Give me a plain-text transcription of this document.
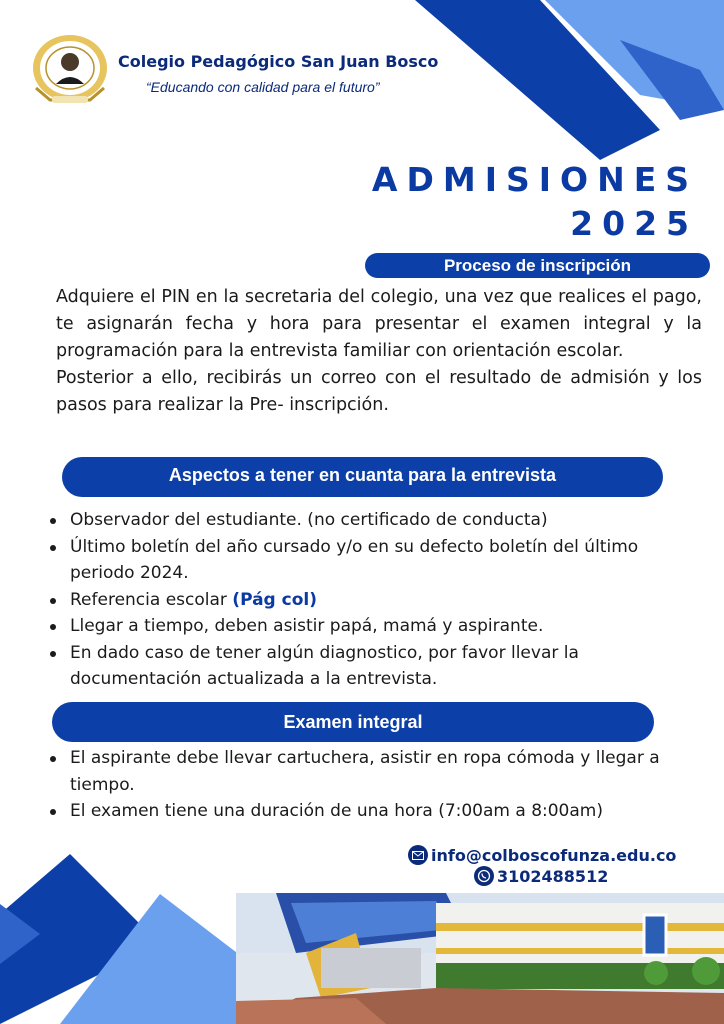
Colegio Pedagógico San Juan Bosco
“Educando con calidad para el futuro”
ADMISIONES
2025
Proceso de inscripción

Adquiere el PIN en la secretaria del colegio, una vez que realices el pago, te asignarán fecha y hora para presentar el examen integral y la programación para la entrevista familiar con orientación escolar.

Posterior a ello, recibirás un correo con el resultado de admisión y los pasos para realizar la Pre- inscripción.

Aspectos a tener en cuanta para la entrevista
Observador del estudiante. (no certificado de conducta)
Último boletín del año cursado y/o en su defecto boletín del último periodo 2024.
Referencia escolar (Pág col)
Llegar a tiempo, deben asistir papá, mamá y aspirante.
En dado caso de tener algún diagnostico, por favor llevar la documentación actualizada a la entrevista.
Examen integral
El aspirante debe llevar cartuchera, asistir en ropa cómoda y llegar a tiempo.
El examen tiene una duración de una hora (7:00am a 8:00am)
info@colboscofunza.edu.co
3102488512
